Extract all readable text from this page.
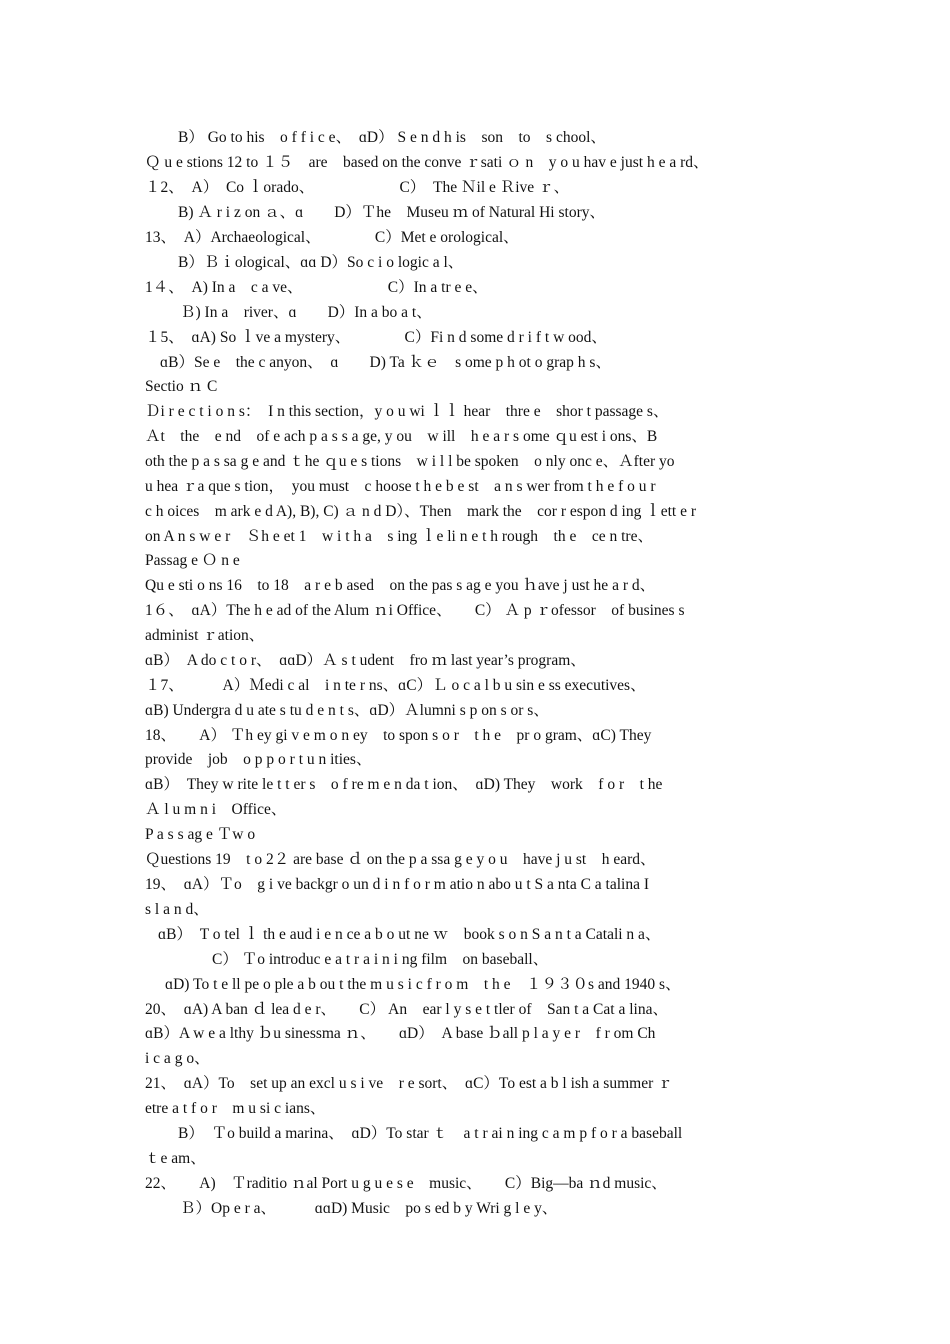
B） Go to his　o f f i c e、　ɑD） S e n d h is　son　to　s chool、
Ｑ u e stions 12 to １５　are　based on the conve ｒsati ｏ n　y o u hav e just h e a rd、
１2、　A）　Co ｌorado、　　　　　　C）　The Ｎil e Ｒive ｒ、
B) Ａ r i z on ａ、ɑ　　D）Ｔhe　Museu ｍ of Natural Hi story、
13、　A）Archaeological、　　　　C）Met e orological、
B）Ｂｉological、ɑɑ D）So c i o logic a l、
1４、　A) In a　c a ve、　　　　　　C）In a tr e e、
Ｂ) In a　river、ɑ　　D）In a bo a t、
１5、　ɑA) So ｌve a mystery、　　　　C）Fi n d some d r i f t w ood、
ɑB）Se e　the c anyon、　ɑ　　D) Ta ｋｅ　s ome p h ot o grap h s、
Sectio ｎ C
Ｄi r e c t i o n s：　I n this section，y o u wi ｌｌ hear　thre e　shor t passage s、
Ａt　the　e nd　of e ach p a s s a ge, y ou　w ill　h e a r s ome ｑu est i ons、B
oth the p a s sa g e and ｔhe ｑu e s tions　w i l l be spoken　o nly onc e、Ａfter yo
u hea ｒa que s tion，　you must　c hoose t h e b e st　a n s wer from t h e f o u r
c h oices　m ark e d A), B), C) ａ n d D）、Then　mark the　cor r espon d ing ｌett e r
on A n s w e r　Ｓh e et 1　w i t h a　s ing ｌe li n e t h rough　th e　ce n tre、
Passag e Ｏ n e
Qu e sti o ns 16　to 18　a r e b ased　on the pas s ag e you ｈave j ust he a r d、
1６、　ɑA）The h e ad of the Alum ｎi Office、　　C） Ａ p ｒofessor　of busines s
administ ｒation、
ɑB）　A do c t o r、　ɑɑD）Ａ s t udent　fro ｍ last year’s program、
１7、　　　A）Ｍedi c al　i n te r ns、ɑC）Ｌ o c a l b u sin e ss executives、
ɑB) Undergra d u ate s tu d e n t s、ɑD）Ａlumni s p on s or s、
18、　　A） Ｔh ey gi v e m o n ey　to spon s o r　t h e　pr o gram、ɑC) They
provide　job　o p p o r t u n ities、
ɑB）　They w rite le t t er s　o f re m e n da t ion、　ɑD) They　work　f o r　t he
Ａ l u m n i　Office、
P a s s ag e Ｔw o
Ｑuestions 19　t o 2２ are base ｄ on the p a ssa g e y o u　have j u st　h eard、
19、　ɑA）Ｔo　g i ve backgr o un d i n f o r m atio n abo u t S a nta C a talina I
s l a n d、
ɑB）　T o tel ｌ th e aud i e n ce a b o ut ne ｗ　book s o n S a n t a Catali n a、
C） Ｔo introduc e a t r a i n i ng film　on baseball、
ɑD) To t e ll pe o ple a b ou t the m u s i c f r o m　t h e　１９３０s and 1940 s、
20、　ɑA) A ban ｄ lea d e r、　　C） An　ear l y s e t tler of　San t a Cat a lina、
ɑB）A w e a lthy ｂu sinessma ｎ、　　ɑD）　A base ｂall p l a y e r　f r om Ch
i c a g o、
21、　ɑA）To　set up an excl u s i ve　r e sort、　ɑC）To est a b l ish a summer ｒ
etre a t f o r　m u si c ians、
B）　Ｔo build a marina、　ɑD）To star ｔ　a t r ai n ing c a m p f o r a baseball
ｔe am、
22、　　A)　Ｔraditio ｎal Port u g u e s e　music、　　C）Big—ba ｎd music、
Ｂ）Op e r a、　　　ɑɑD) Music　po s ed b y Wri g l e y、
